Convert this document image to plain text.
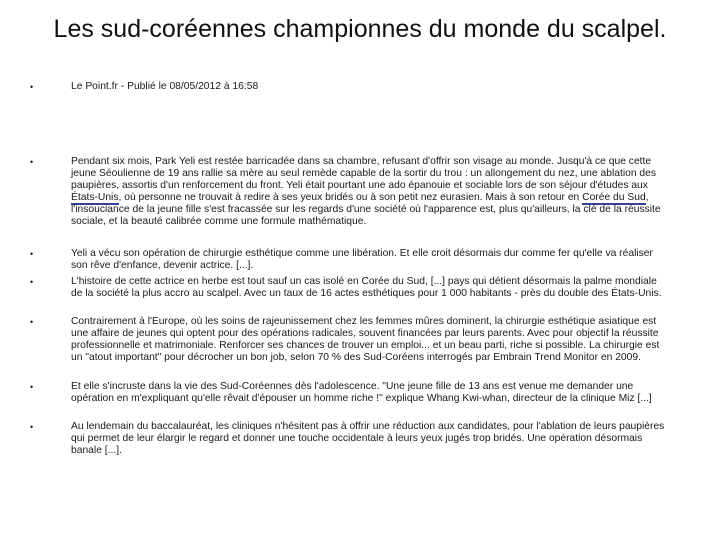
Les sud-coréennes championnes du monde du scalpel.
•	Le Point.fr - Publié le 08/05/2012 à 16:58
•	Pendant six mois, Park Yeli est restée barricadée dans sa chambre, refusant d'offrir son visage au monde. Jusqu'à ce que cette jeune Séoulienne de 19 ans rallie sa mère au seul remède capable de la sortir du trou : un allongement du nez, une ablation des paupières, assortis d'un renforcement du front. Yeli était pourtant une ado épanouie et sociable lors de son séjour d'études aux États-Unis, où personne ne trouvait à redire à ses yeux bridés ou à son petit nez eurasien. Mais à son retour en Corée du Sud, l'insouciance de la jeune fille s'est fracassée sur les regards d'une société où l'apparence est, plus qu'ailleurs, la clé de la réussite sociale, et la beauté calibrée comme une formule mathématique.
•	Yeli a vécu son opération de chirurgie esthétique comme une libération. Et elle croit désormais dur comme fer qu'elle va réaliser son rêve d'enfance, devenir actrice. [...].
•	L'histoire de cette actrice en herbe est tout sauf un cas isolé en Corée du Sud, [...] pays qui détient désormais la palme mondiale de la société la plus accro au scalpel. Avec un taux de 16 actes esthétiques pour 1 000 habitants - près du double des États-Unis.
•	Contrairement à l'Europe, où les soins de rajeunissement chez les femmes mûres dominent, la chirurgie esthétique asiatique est une affaire de jeunes qui optent pour des opérations radicales, souvent financées par leurs parents. Avec pour objectif la réussite professionnelle et matrimoniale. Renforcer ses chances de trouver un emploi... et un beau parti, riche si possible. La chirurgie est un "atout important" pour décrocher un bon job, selon 70 % des Sud-Coréens interrogés par Embrain Trend Monitor en 2009.
•	Et elle s'incruste dans la vie des Sud-Coréennes dès l'adolescence. "Une jeune fille de 13 ans est venue me demander une opération en m'expliquant qu'elle rêvait d'épouser un homme riche !" explique Whang Kwi-whan, directeur de la clinique Miz [...]
•	Au lendemain du baccalauréat, les cliniques n'hésitent pas à offrir une réduction aux candidates, pour l'ablation de leurs paupières qui permet de leur élargir le regard et donner une touche occidentale à leurs yeux jugés trop bridés. Une opération désormais banale [...].
